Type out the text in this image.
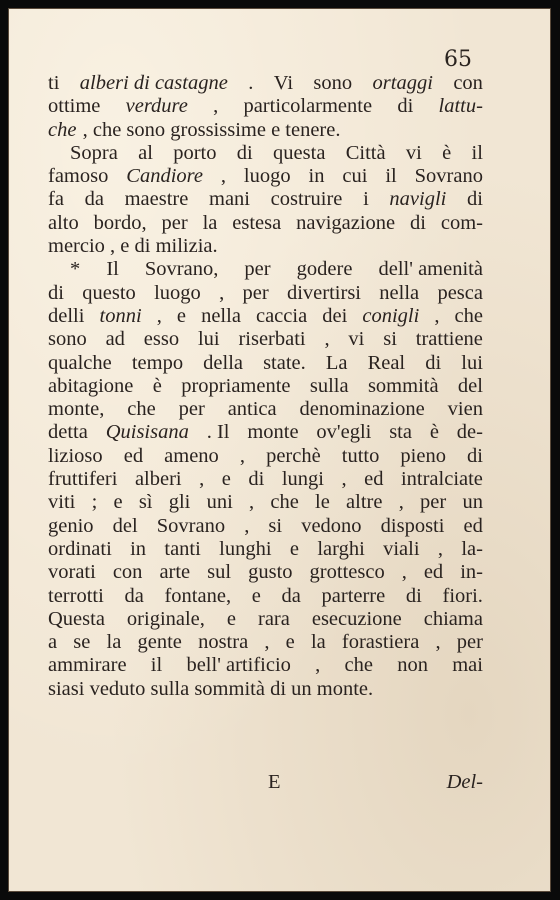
65
ti alberi di castagne . Vi sono ortaggi con
ottime verdure , particolarmente di lattu-
che , che sono grossissime e tenere.
Sopra al porto di questa Città vi è il
famoso Candiore , luogo in cui il Sovrano
fa da maestre mani costruire i navigli di
alto bordo, per la estesa navigazione di com-
mercio , e di milizia.
* Il Sovrano, per godere dell' amenità
di questo luogo , per divertirsi nella pesca
delli tonni , e nella caccia dei conigli , che
sono ad esso lui riserbati , vi si trattiene
qualche tempo della state. La Real di lui
abitagione è propriamente sulla sommità del
monte, che per antica denominazione vien
detta Quisisana . Il monte ov'egli sta è de-
lizioso ed ameno , perchè tutto pieno di
fruttiferi alberi , e di lungi , ed intralciate
viti ; e sì gli uni , che le altre , per un
genio del Sovrano , si vedono disposti ed
ordinati in tanti lunghi e larghi viali , la-
vorati con arte sul gusto grottesco , ed in-
terrotti da fontane, e da parterre di fiori.
Questa originale, e rara esecuzione chiama
a se la gente nostra , e la forastiera , per
ammirare il bell' artificio , che non mai
siasi veduto sulla sommità di un monte.
E	Del-
